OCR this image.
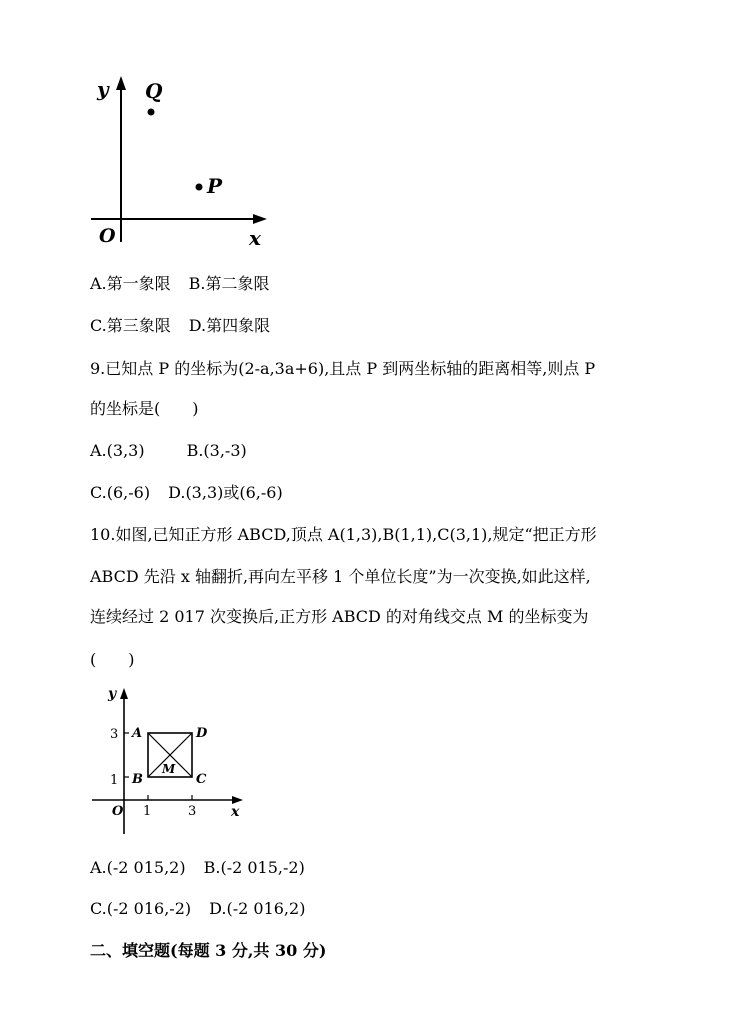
y
x
O
Q
P
A.第一象限 B.第二象限
C.第三象限 D.第四象限
9.已知点 P 的坐标为(2-a,3a+6),且点 P 到两坐标轴的距离相等,则点 P
的坐标是(　　)
A.(3,3)	B.(3,-3)
C.(6,-6) D.(3,3)或(6,-6)
10.如图,已知正方形 ABCD,顶点 A(1,3),B(1,1),C(3,1),规定“把正方形
ABCD 先沿 x 轴翻折,再向左平移 1 个单位长度”为一次变换,如此这样,
连续经过 2 017 次变换后,正方形 ABCD 的对角线交点 M 的坐标变为
(　　)
y
x
O 1	3
3
1
A
B	C
D
M
A.(-2 015,2) B.(-2 015,-2)
C.(-2 016,-2) D.(-2 016,2)
二、填空题(每题 3 分,共 30 分)
